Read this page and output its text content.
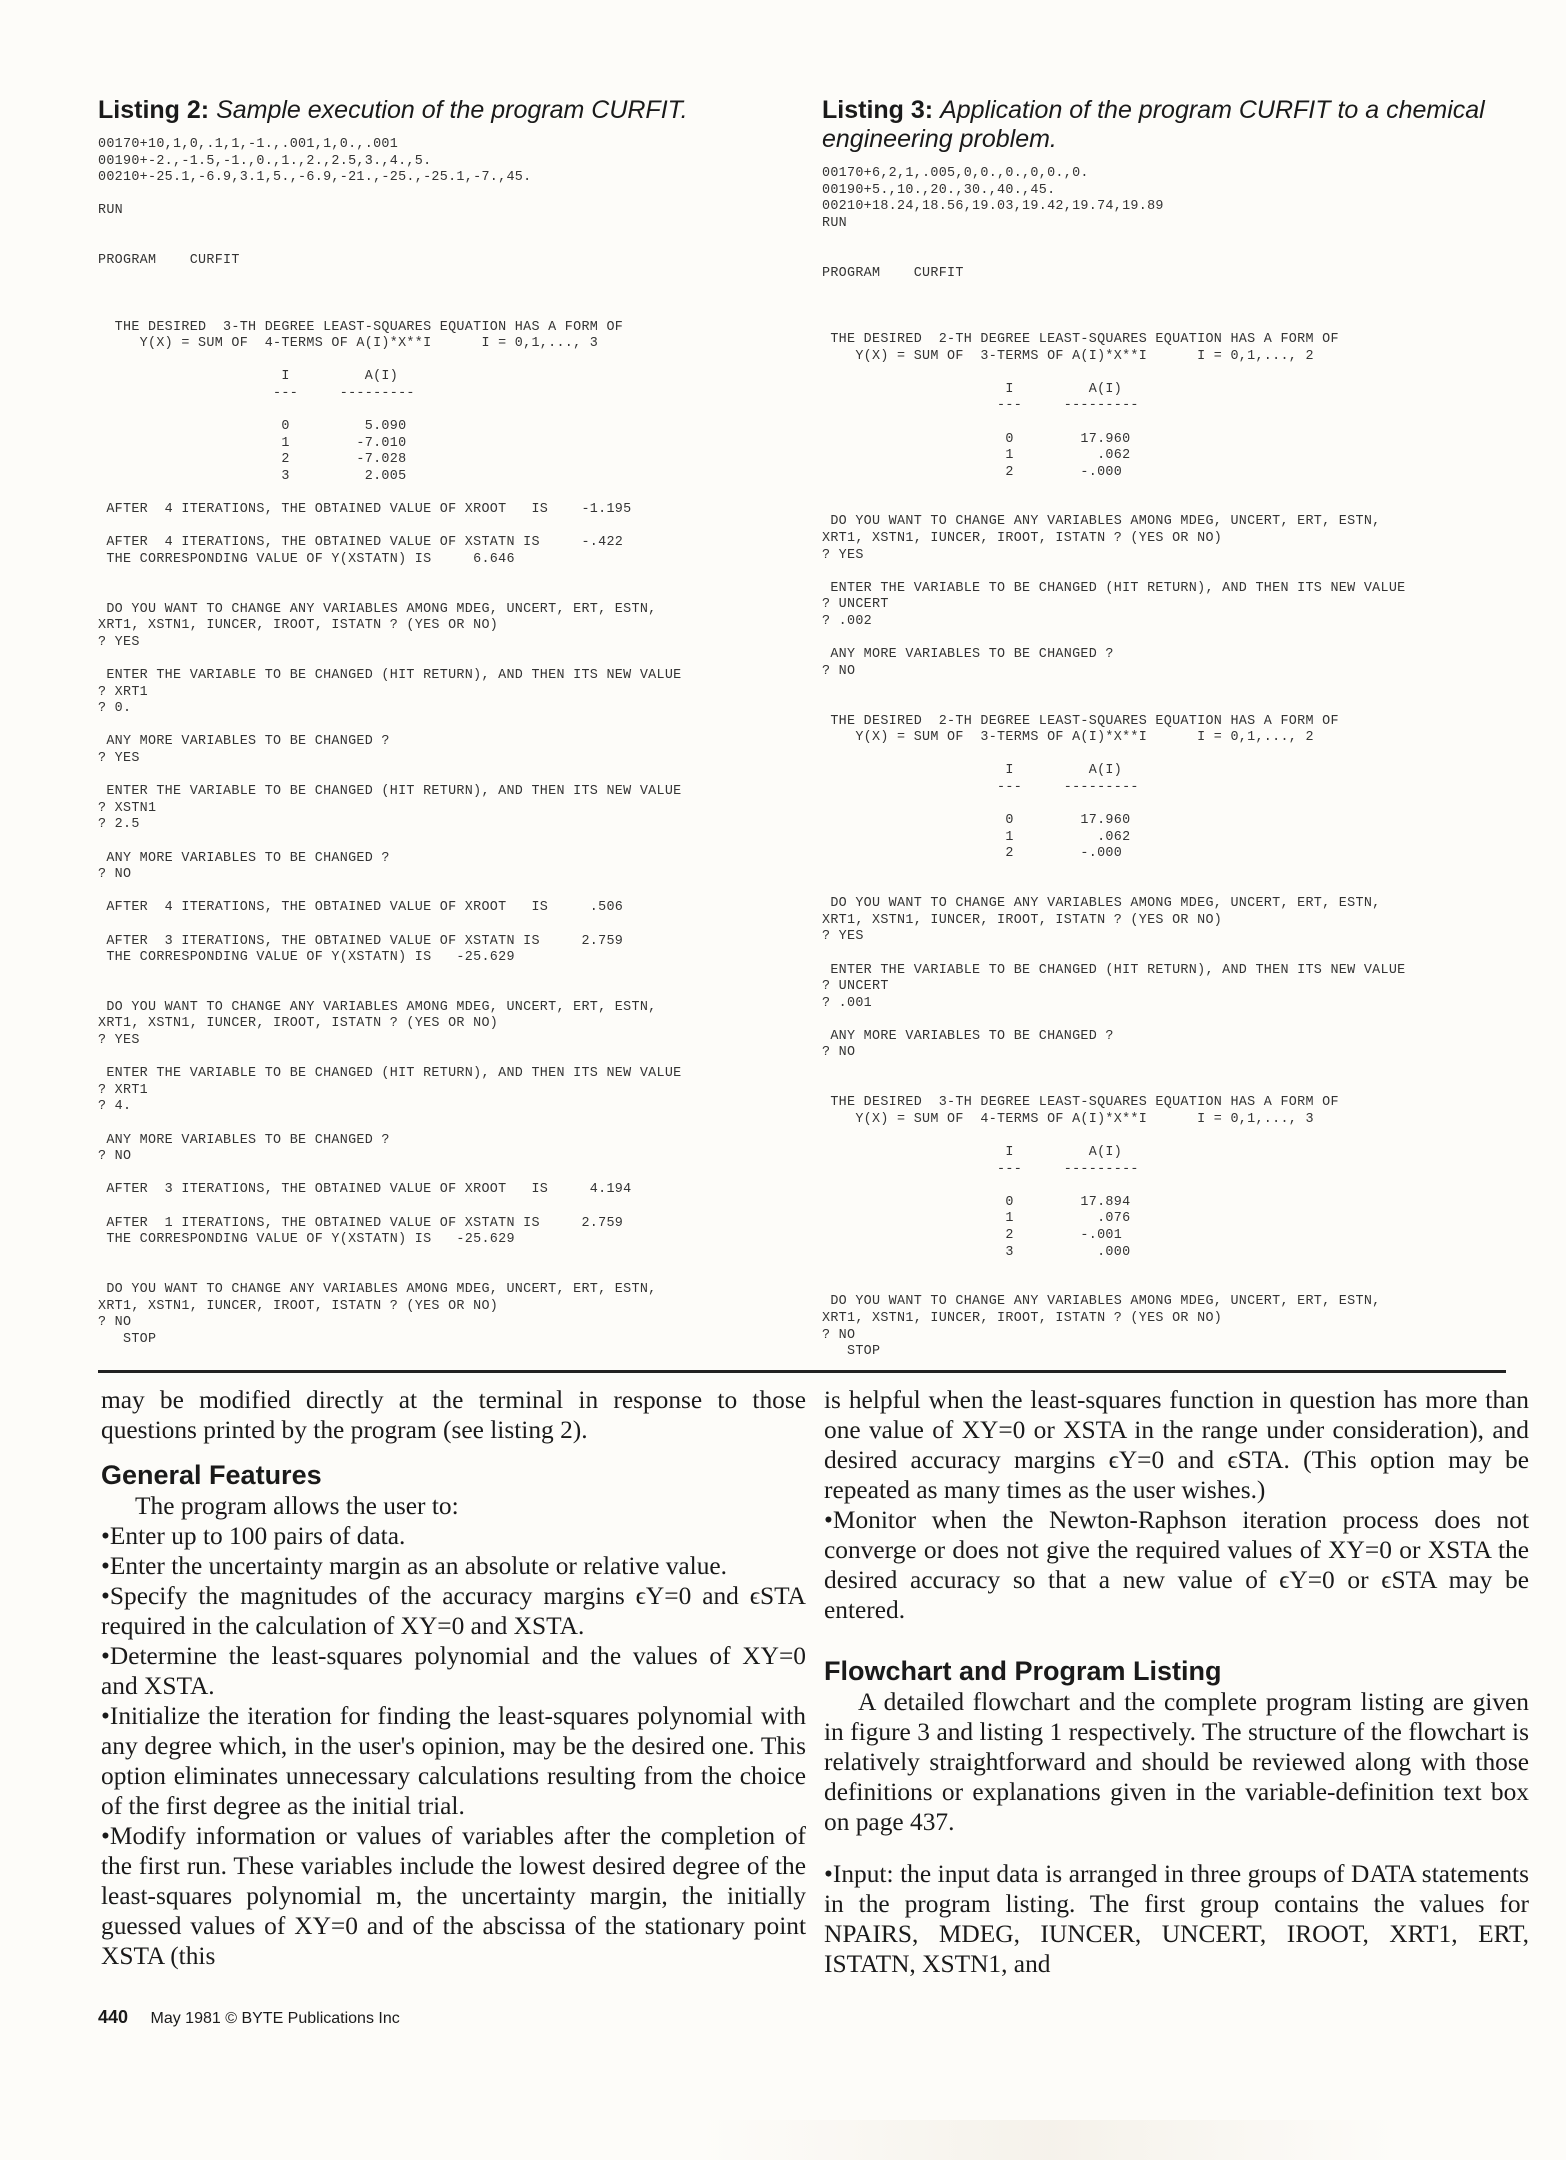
Listing 2: Sample execution of the program CURFIT.

00170+10,1,0,.1,1,-1.,.001,1,0.,.001
00190+-2.,-1.5,-1.,0.,1.,2.,2.5,3.,4.,5.
00210+-25.1,-6.9,3.1,5.,-6.9,-21.,-25.,-25.1,-7.,45.

RUN

PROGRAM    CURFIT

THE DESIRED  3-TH DEGREE LEAST-SQUARES EQUATION HAS A FORM OF
Y(X) = SUM OF  4-TERMS OF A(I)*X**I      I = 0,1,..., 3

I         A(I)
---     ---------

0         5.090
1        -7.010
2        -7.028
3         2.005

AFTER  4 ITERATIONS, THE OBTAINED VALUE OF XROOT   IS    -1.195

AFTER  4 ITERATIONS, THE OBTAINED VALUE OF XSTATN IS     -.422
THE CORRESPONDING VALUE OF Y(XSTATN) IS     6.646

DO YOU WANT TO CHANGE ANY VARIABLES AMONG MDEG, UNCERT, ERT, ESTN,
XRT1, XSTN1, IUNCER, IROOT, ISTATN ? (YES OR NO)
? YES

ENTER THE VARIABLE TO BE CHANGED (HIT RETURN), AND THEN ITS NEW VALUE
? XRT1
? 0.

ANY MORE VARIABLES TO BE CHANGED ?
? YES

ENTER THE VARIABLE TO BE CHANGED (HIT RETURN), AND THEN ITS NEW VALUE
? XSTN1
? 2.5

ANY MORE VARIABLES TO BE CHANGED ?
? NO

AFTER  4 ITERATIONS, THE OBTAINED VALUE OF XROOT   IS     .506

AFTER  3 ITERATIONS, THE OBTAINED VALUE OF XSTATN IS     2.759
THE CORRESPONDING VALUE OF Y(XSTATN) IS   -25.629

DO YOU WANT TO CHANGE ANY VARIABLES AMONG MDEG, UNCERT, ERT, ESTN,
XRT1, XSTN1, IUNCER, IROOT, ISTATN ? (YES OR NO)
? YES

ENTER THE VARIABLE TO BE CHANGED (HIT RETURN), AND THEN ITS NEW VALUE
? XRT1
? 4.

ANY MORE VARIABLES TO BE CHANGED ?
? NO

AFTER  3 ITERATIONS, THE OBTAINED VALUE OF XROOT   IS     4.194

AFTER  1 ITERATIONS, THE OBTAINED VALUE OF XSTATN IS     2.759
THE CORRESPONDING VALUE OF Y(XSTATN) IS   -25.629

DO YOU WANT TO CHANGE ANY VARIABLES AMONG MDEG, UNCERT, ERT, ESTN,
XRT1, XSTN1, IUNCER, IROOT, ISTATN ? (YES OR NO)
? NO
STOP

Listing 3: Application of the program CURFIT to a chemical engineering problem.

00170+6,2,1,.005,0,0.,0.,0,0.,0.
00190+5.,10.,20.,30.,40.,45.
00210+18.24,18.56,19.03,19.42,19.74,19.89
RUN

PROGRAM    CURFIT

THE DESIRED  2-TH DEGREE LEAST-SQUARES EQUATION HAS A FORM OF
Y(X) = SUM OF  3-TERMS OF A(I)*X**I      I = 0,1,..., 2

I         A(I)
---     ---------

0        17.960
1          .062
2        -.000

DO YOU WANT TO CHANGE ANY VARIABLES AMONG MDEG, UNCERT, ERT, ESTN,
XRT1, XSTN1, IUNCER, IROOT, ISTATN ? (YES OR NO)
? YES

ENTER THE VARIABLE TO BE CHANGED (HIT RETURN), AND THEN ITS NEW VALUE
? UNCERT
? .002

ANY MORE VARIABLES TO BE CHANGED ?
? NO

THE DESIRED  2-TH DEGREE LEAST-SQUARES EQUATION HAS A FORM OF
Y(X) = SUM OF  3-TERMS OF A(I)*X**I      I = 0,1,..., 2

I         A(I)
---     ---------

0        17.960
1          .062
2        -.000

DO YOU WANT TO CHANGE ANY VARIABLES AMONG MDEG, UNCERT, ERT, ESTN,
XRT1, XSTN1, IUNCER, IROOT, ISTATN ? (YES OR NO)
? YES

ENTER THE VARIABLE TO BE CHANGED (HIT RETURN), AND THEN ITS NEW VALUE
? UNCERT
? .001

ANY MORE VARIABLES TO BE CHANGED ?
? NO

THE DESIRED  3-TH DEGREE LEAST-SQUARES EQUATION HAS A FORM OF
Y(X) = SUM OF  4-TERMS OF A(I)*X**I      I = 0,1,..., 3

I         A(I)
---     ---------

0        17.894
1          .076
2        -.001
3          .000

DO YOU WANT TO CHANGE ANY VARIABLES AMONG MDEG, UNCERT, ERT, ESTN,
XRT1, XSTN1, IUNCER, IROOT, ISTATN ? (YES OR NO)
? NO
STOP

may be modified directly at the terminal in response to those questions printed by the program (see listing 2).

General Features

The program allows the user to:

•Enter up to 100 pairs of data.

•Enter the uncertainty margin as an absolute or relative value.

•Specify the magnitudes of the accuracy margins ϵY=0 and ϵSTA required in the calculation of XY=0 and XSTA.

•Determine the least-squares polynomial and the values of XY=0 and XSTA.

•Initialize the iteration for finding the least-squares polynomial with any degree which, in the user's opinion, may be the desired one. This option eliminates unnecessary calculations resulting from the choice of the first degree as the initial trial.

•Modify information or values of variables after the completion of the first run. These variables include the lowest desired degree of the least-squares polynomial m, the uncertainty margin, the initially guessed values of XY=0 and of the abscissa of the stationary point XSTA (this

is helpful when the least-squares function in question has more than one value of XY=0 or XSTA in the range under consideration), and desired accuracy margins ϵY=0 and ϵSTA. (This option may be repeated as many times as the user wishes.)

•Monitor when the Newton-Raphson iteration process does not converge or does not give the required values of XY=0 or XSTA the desired accuracy so that a new value of ϵY=0 or ϵSTA may be entered.

Flowchart and Program Listing

A detailed flowchart and the complete program listing are given in figure 3 and listing 1 respectively. The structure of the flowchart is relatively straightforward and should be reviewed along with those definitions or explanations given in the variable-definition text box on page 437.

•Input: the input data is arranged in three groups of DATA statements in the program listing. The first group contains the values for NPAIRS, MDEG, IUNCER, UNCERT, IROOT, XRT1, ERT, ISTATN, XSTN1, and

440 May 1981 © BYTE Publications Inc
